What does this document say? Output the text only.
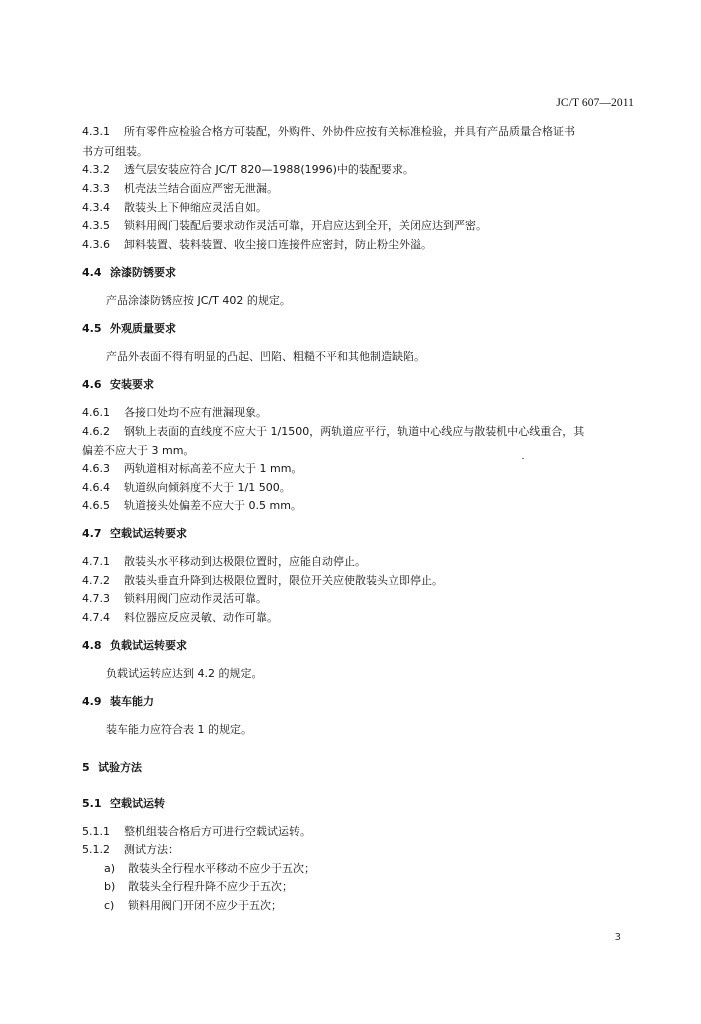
JC/T 607—2011
4.3.1 所有零件应检验合格方可装配，外购件、外协件应按有关标准检验，并具有产品质量合格证书
书方可组装。
4.3.2 透气层安装应符合 JC/T 820—1988(1996)中的装配要求。
4.3.3 机壳法兰结合面应严密无泄漏。
4.3.4 散装头上下伸缩应灵活自如。
4.3.5 锁料用阀门装配后要求动作灵活可靠，开启应达到全开，关闭应达到严密。
4.3.6 卸料装置、装料装置、收尘接口连接件应密封，防止粉尘外溢。
4.4 涂漆防锈要求
产品涂漆防锈应按 JC/T 402 的规定。
4.5 外观质量要求
产品外表面不得有明显的凸起、凹陷、粗糙不平和其他制造缺陷。
4.6 安装要求
4.6.1 各接口处均不应有泄漏现象。
4.6.2 钢轨上表面的直线度不应大于 1/1500，两轨道应平行，轨道中心线应与散装机中心线重合，其
偏差不应大于 3 mm。
4.6.3 两轨道相对标高差不应大于 1 mm。
4.6.4 轨道纵向倾斜度不大于 1/1 500。
4.6.5 轨道接头处偏差不应大于 0.5 mm。
4.7 空载试运转要求
4.7.1 散装头水平移动到达极限位置时，应能自动停止。
4.7.2 散装头垂直升降到达极限位置时，限位开关应使散装头立即停止。
4.7.3 锁料用阀门应动作灵活可靠。
4.7.4 料位器应反应灵敏、动作可靠。
4.8 负载试运转要求
负载试运转应达到 4.2 的规定。
4.9 装车能力
装车能力应符合表 1 的规定。
5 试验方法
5.1 空载试运转
5.1.1 整机组装合格后方可进行空载试运转。
5.1.2 测试方法：
a) 散装头全行程水平移动不应少于五次；
b) 散装头全行程升降不应少于五次；
c) 锁料用阀门开闭不应少于五次；
3
